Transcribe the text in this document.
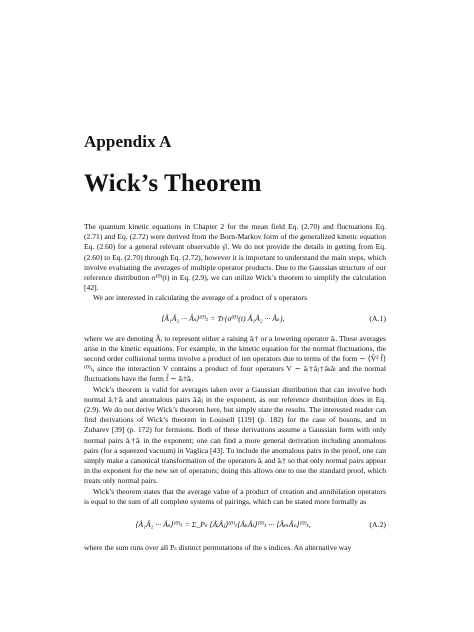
Appendix A
Wick’s Theorem

The quantum kinetic equations in Chapter 2 for the mean field Eq. (2.70) and fluctuations Eq. (2.71) and Eq. (2.72) were derived from the Born-Markov form of the generalized kinetic equation Eq. (2.60) for a general relevant observable γ̂ₗ. We do not provide the details in getting from Eq. (2.60) to Eq. (2.70) through Eq. (2.72), however it is important to understand the main steps, which involve evaluating the averages of multiple operator products. Due to the Gaussian structure of our reference distribution σ⁽⁰⁾(t) in Eq. (2.9), we can utilize Wick’s theorem to simplify the calculation [42].

We are interested in calculating the average of a product of s operators

⟨Â₁Â₂ ··· Âₛ⟩⁽⁰⁾ₜ = Tr{σ⁽⁰⁾(t) Â₁Â₂ ··· Âₛ},	(A.1)

where we are denoting Âᵢ to represent either a raising âᵢ† or a lowering operator âᵢ. These averages arise in the kinetic equations. For example, in the kinetic equation for the normal fluctuations, the second order collisional terms involve a product of ten operators due to terms of the form ∼ ⟨V̂² f̂⟩⁽⁰⁾ₜ, since the interaction V contains a product of four operators V ∼ âᵢ†âⱼ†âₖâₗ and the normal fluctuations have the form f̂ ∼ âᵢ†âᵢ.

Wick’s theorem is valid for averages taken over a Gaussian distribution that can involve both normal âᵢ†âᵢ and anomalous pairs âᵢâⱼ in the exponent, as our reference distribution does in Eq. (2.9). We do not derive Wick’s theorem here, but simply state the results. The interested reader can find derivations of Wick’s theorem in Louisell [119] (p. 182) for the case of bosons, and in Zubarev [39] (p. 172) for fermions. Both of these derivations assume a Gaussian form with only normal pairs âᵢ†âᵢ in the exponent; one can find a more general derivation including anomalous pairs (for a squeezed vacuum) in Vaglica [43]. To include the anomalous pairs in the proof, one can simply make a canonical transformation of the operators âᵢ and âᵢ† so that only normal pairs appear in the exponent for the new set of operators; doing this allows one to use the standard proof, which treats only normal pairs.

Wick’s theorem states that the average value of a product of creation and annihilation operators is equal to the sum of all complete systems of pairings, which can be stated more formally as

⟨Â₁Â₂ ··· Âₛ⟩⁽⁰⁾ₜ = Σ_Pₛ ⟨ÂᵢÂⱼ⟩⁽⁰⁾ₜ⟨ÂₖÂₗ⟩⁽⁰⁾ₜ ··· ⟨ÂₘÂₙ⟩⁽⁰⁾ₜ,	(A.2)

where the sum runs over all Pₛ distinct permutations of the s indices. An alternative way
